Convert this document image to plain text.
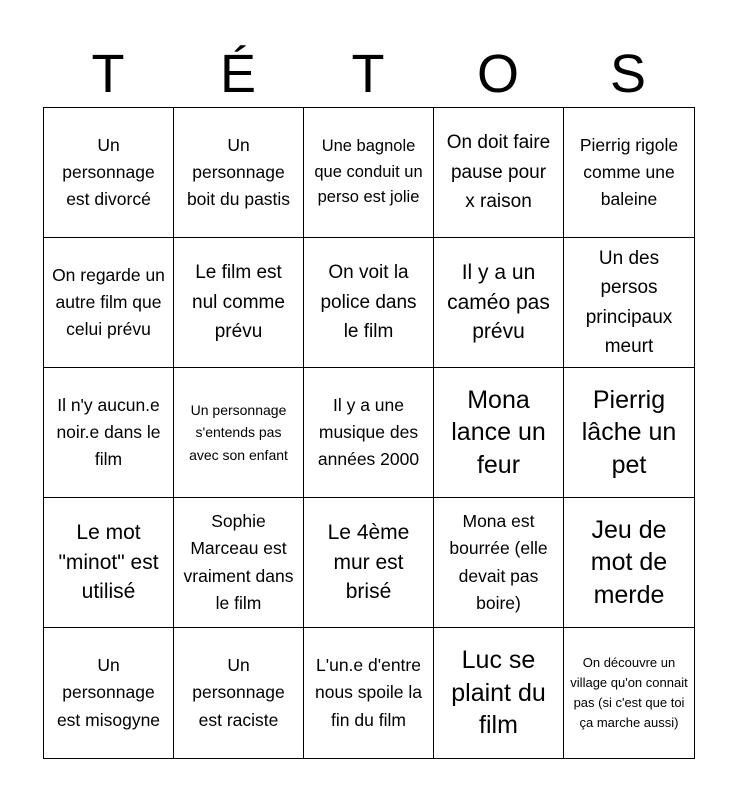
T	É	T	O	S
Un personnage est divorcé
Un personnage boit du pastis
Une bagnole que conduit un perso est jolie
On doit faire pause pour x raison
Pierrig rigole comme une baleine
On regarde un autre film que celui prévu
Le film est nul comme prévu
On voit la police dans le film
Il y a un caméo pas prévu
Un des persos principaux meurt
Il n'y aucun.e noir.e dans le film
Un personnage s'entends pas avec son enfant
Il y a une musique des années 2000
Mona lance un feur
Pierrig lâche un pet
Le mot "minot" est utilisé
Sophie Marceau est vraiment dans le film
Le 4ème mur est brisé
Mona est bourrée (elle devait pas boire)
Jeu de mot de merde
Un personnage est misogyne
Un personnage est raciste
L'un.e d'entre nous spoile la fin du film
Luc se plaint du film
On découvre un village qu'on connait pas (si c'est que toi ça marche aussi)
